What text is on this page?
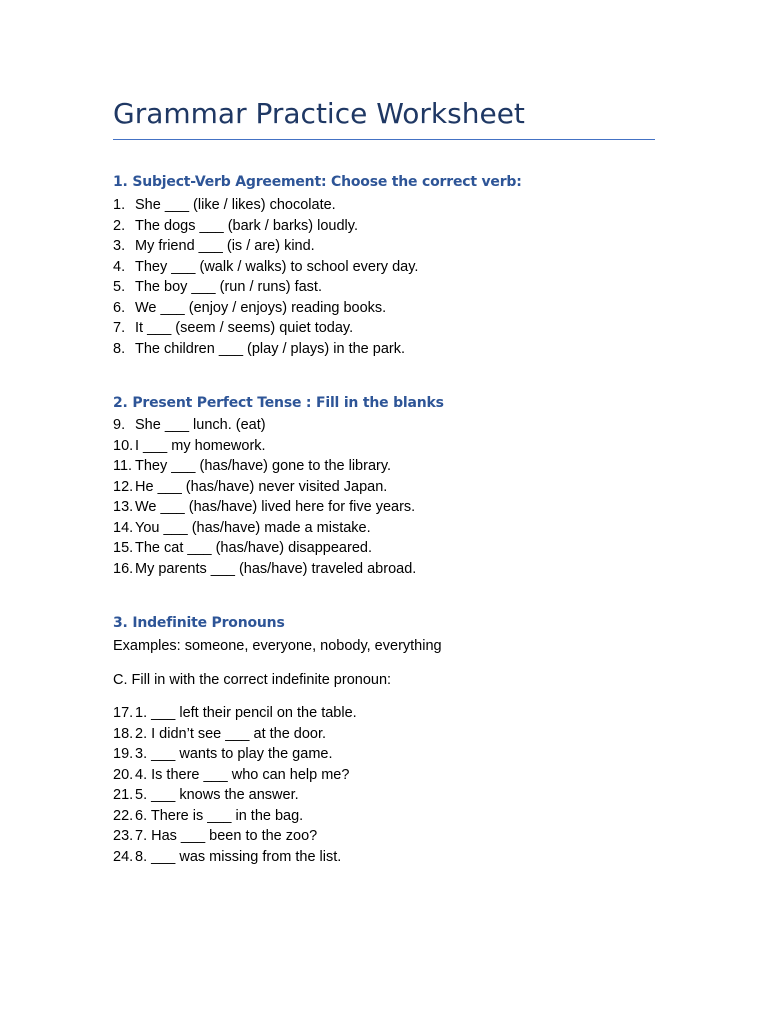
Grammar Practice Worksheet
1. Subject-Verb Agreement: Choose the correct verb:
1. She ___ (like / likes) chocolate.
2. The dogs ___ (bark / barks) loudly.
3. My friend ___ (is / are) kind.
4. They ___ (walk / walks) to school every day.
5. The boy ___ (run / runs) fast.
6. We ___ (enjoy / enjoys) reading books.
7. It ___ (seem / seems) quiet today.
8. The children ___ (play / plays) in the park.
2. Present Perfect Tense : Fill in the blanks
9. She ___ lunch. (eat)
10. I ___ my homework.
11. They ___ (has/have) gone to the library.
12. He ___ (has/have) never visited Japan.
13. We ___ (has/have) lived here for five years.
14. You ___ (has/have) made a mistake.
15. The cat ___ (has/have) disappeared.
16. My parents ___ (has/have) traveled abroad.
3. Indefinite Pronouns
Examples: someone, everyone, nobody, everything
C. Fill in with the correct indefinite pronoun:
17. 1. ___ left their pencil on the table.
18. 2. I didn’t see ___ at the door.
19. 3. ___ wants to play the game.
20. 4. Is there ___ who can help me?
21. 5. ___ knows the answer.
22. 6. There is ___ in the bag.
23. 7. Has ___ been to the zoo?
24. 8. ___ was missing from the list.
